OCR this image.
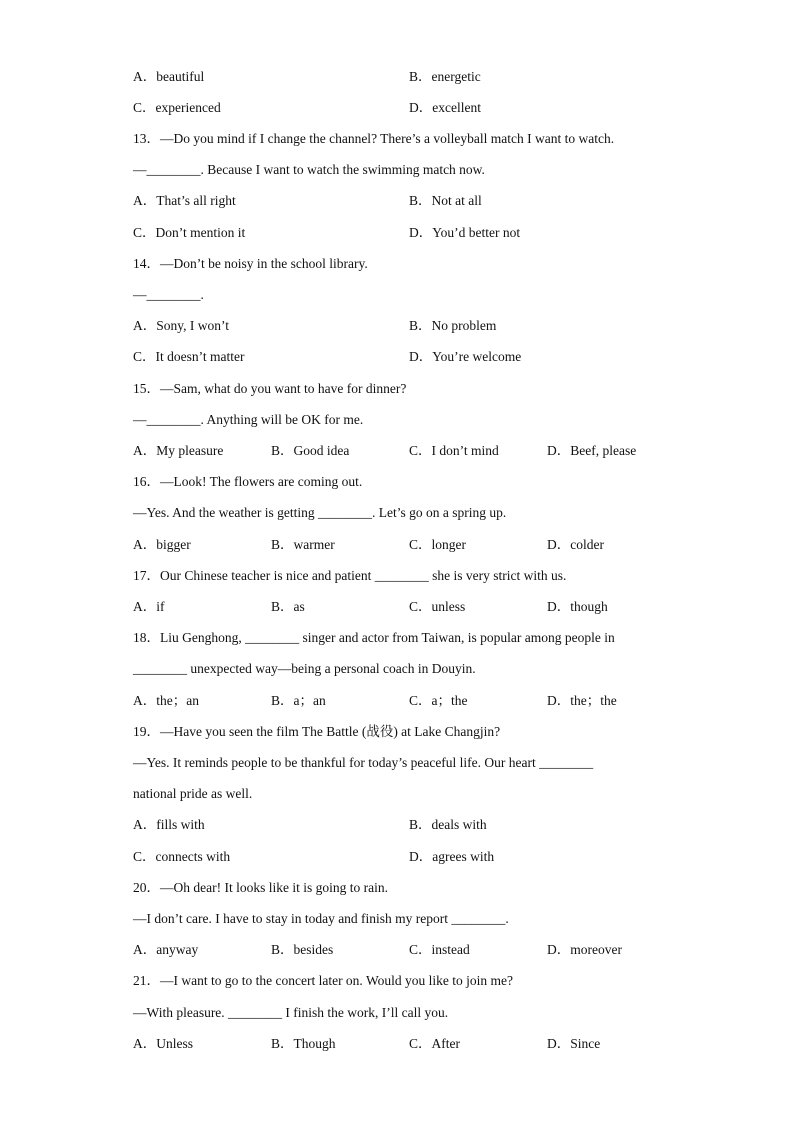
A．beautiful	B．energetic
C．experienced	D．excellent
13．—Do you mind if I change the channel? There’s a volleyball match I want to watch.
—________. Because I want to watch the swimming match now.
A．That’s all right	B．Not at all
C．Don’t mention it	D．You’d better not
14．—Don’t be noisy in the school library.
—________.
A．Sony, I won’t	B．No problem
C．It doesn’t matter	D．You’re welcome
15．—Sam, what do you want to have for dinner?
—________. Anything will be OK for me.
A．My pleasure	B．Good idea	C．I don’t mind	D．Beef, please
16．—Look! The flowers are coming out.
—Yes. And the weather is getting ________. Let’s go on a spring up.
A．bigger	B．warmer	C．longer	D．colder
17．Our Chinese teacher is nice and patient ________ she is very strict with us.
A．if	B．as	C．unless	D．though
18．Liu Genghong, ________ singer and actor from Taiwan, is popular among people in
________ unexpected way—being a personal coach in Douyin.
A．the；an	B．a；an	C．a；the	D．the；the
19．—Have you seen the film The Battle (战役) at Lake Changjin?
—Yes. It reminds people to be thankful for today’s peaceful life. Our heart ________
national pride as well.
A．fills with	B．deals with
C．connects with	D．agrees with
20．—Oh dear! It looks like it is going to rain.
—I don’t care. I have to stay in today and finish my report ________.
A．anyway	B．besides	C．instead	D．moreover
21．—I want to go to the concert later on. Would you like to join me?
—With pleasure. ________ I finish the work, I’ll call you.
A．Unless	B．Though	C．After	D．Since
